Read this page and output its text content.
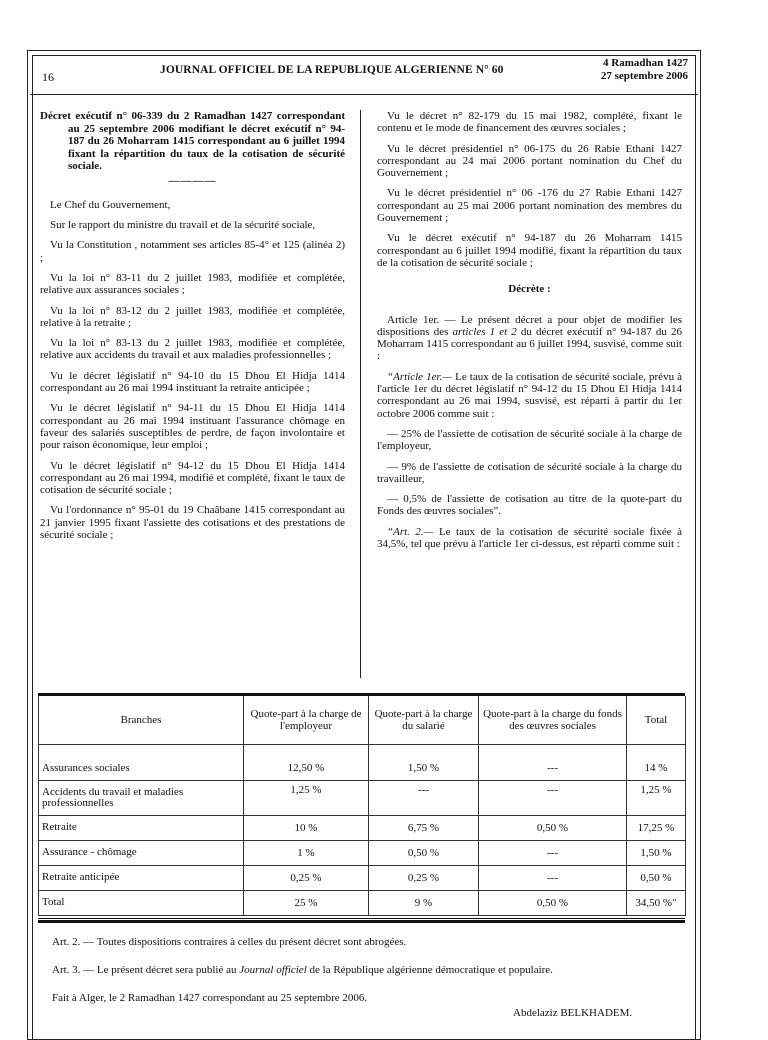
16	JOURNAL OFFICIEL DE LA REPUBLIQUE ALGERIENNE N° 60
4 Ramadhan 1427
27 septembre 2006

Décret exécutif n° 06-339 du 2 Ramadhan 1427 correspondant au 25 septembre 2006 modifiant le décret exécutif n° 94-187 du 26 Moharram 1415 correspondant au 6 juillet 1994 fixant la répartition du taux de la cotisation de sécurité sociale.

————

Le Chef du Gouvernement,

Sur le rapport du ministre du travail et de la sécurité sociale,

Vu la Constitution , notamment ses articles 85-4° et 125 (alinéa 2) ;

Vu la loi n° 83-11 du 2 juillet 1983, modifiée et complétée, relative aux assurances sociales ;

Vu la loi n° 83-12 du 2 juillet 1983, modifiée et complétée, relative à la retraite ;

Vu la loi n° 83-13 du 2 juillet 1983, modifiée et complétée, relative aux accidents du travail et aux maladies professionnelles ;

Vu le décret législatif n° 94-10 du 15 Dhou El Hidja 1414 correspondant au 26 mai 1994 instituant la retraite anticipée ;

Vu le décret législatif n° 94-11 du 15 Dhou El Hidja 1414 correspondant au 26 mai 1994 instituant l'assurance chômage en faveur des salariés susceptibles de perdre, de façon involontaire et pour raison économique, leur emploi ;

Vu le décret législatif n° 94-12 du 15 Dhou El Hidja 1414 correspondant au 26 mai 1994, modifié et complété, fixant le taux de cotisation de sécurité sociale ;

Vu l'ordonnance n° 95-01 du 19 Chaâbane 1415 correspondant au 21 janvier 1995 fixant l'assiette des cotisations et des prestations de sécurité sociale ;

Vu le décret n° 82-179 du 15 mai 1982, complété, fixant le contenu et le mode de financement des œuvres sociales ;

Vu le décret présidentiel n° 06-175 du 26 Rabie Ethani 1427 correspondant au 24 mai 2006 portant nomination du Chef du Gouvernement ;

Vu le décret présidentiel n° 06 -176 du 27 Rabie Ethani 1427 correspondant au 25 mai 2006 portant nomination des membres du Gouvernement ;

Vu le décret exécutif n° 94-187 du 26 Moharram 1415 correspondant au 6 juillet 1994 modifié, fixant la répartition du taux de la cotisation de sécurité sociale ;

Décrète :

Article 1er. — Le présent décret a pour objet de modifier les dispositions des articles 1 et 2 du décret exécutif n° 94-187 du 26 Moharram 1415 correspondant au 6 juillet 1994, susvisé, comme suit :

“Article 1er.— Le taux de la cotisation de sécurité sociale, prévu à l'article 1er du décret législatif n° 94-12 du 15 Dhou El Hidja 1414 correspondant au 26 mai 1994, susvisé, est réparti à partir du 1er octobre 2006 comme suit :

— 25% de l'assiette de cotisation de sécurité sociale à la charge de l'employeur,

— 9% de l'assiette de cotisation de sécurité sociale à la charge du travailleur,

— 0,5% de l'assiette de cotisation au titre de la quote-part du Fonds des œuvres sociales”.

“Art. 2.— Le taux de la cotisation de sécurité sociale fixée à 34,5%, tel que prévu à l'article 1er ci-dessus, est réparti comme suit :

Branches	Quote-part à la charge de l'employeur	Quote-part à la charge du salarié	Quote-part à la charge du fonds des œuvres sociales	Total
Assurances sociales	12,50 %	1,50 %	---	14 %
Accidents du travail et maladies professionnelles	1,25 %	---	---	1,25 %
Retraite	10 %	6,75 %	0,50 %	17,25 %
Assurance - chômage	1 %	0,50 %	---	1,50 %
Retraite anticipée	0,25 %	0,25 %	---	0,50 %
Total	25 %	9 %	0,50 %	34,50 %"

Art. 2. — Toutes dispositions contraires à celles du présent décret sont abrogées.

Art. 3. — Le présent décret sera publié au Journal officiel de la République algérienne démocratique et populaire.

Fait à Alger, le 2 Ramadhan 1427 correspondant au 25 septembre 2006.

Abdelaziz BELKHADEM.
